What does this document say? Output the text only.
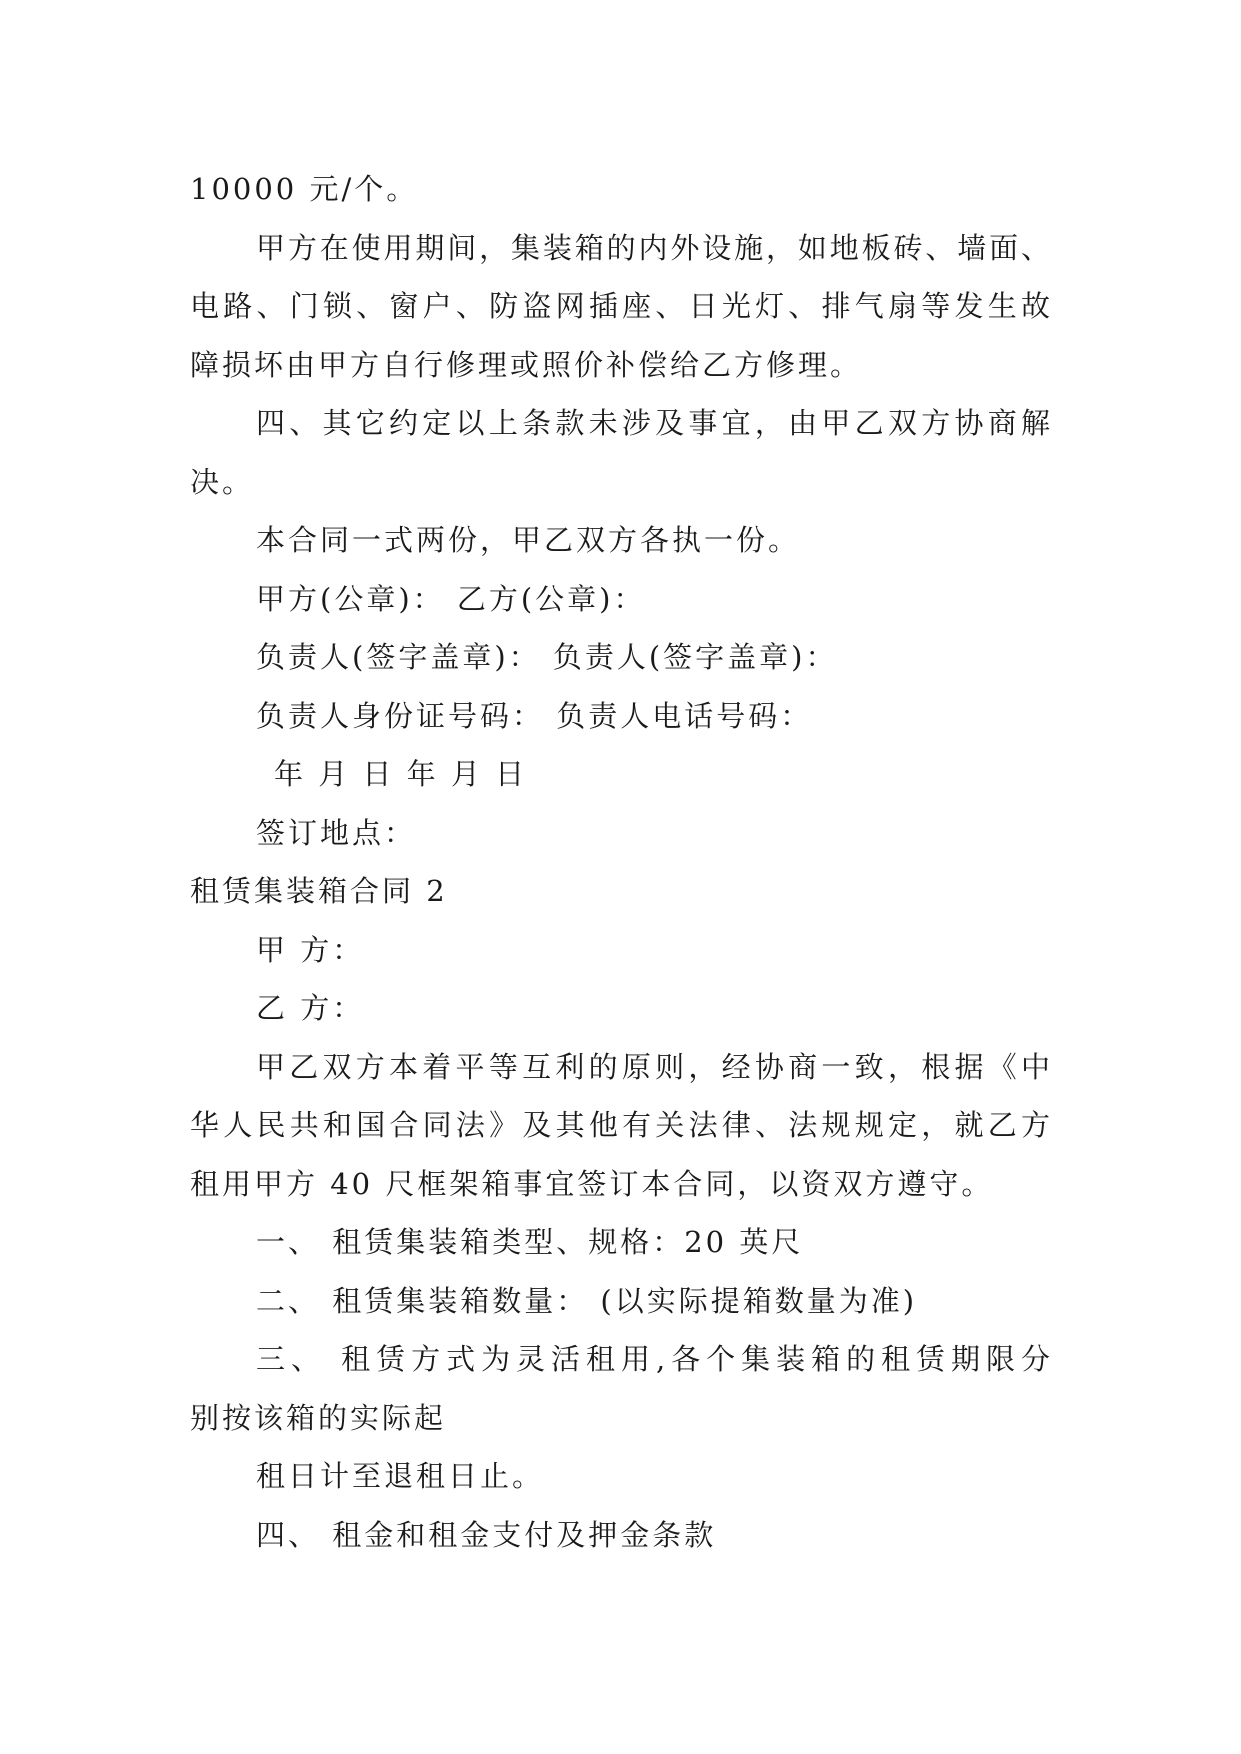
10000 元/个。
甲方在使用期间，集装箱的内外设施，如地板砖、墙面、
电路、门锁、窗户、防盗网插座、日光灯、排气扇等发生故
障损坏由甲方自行修理或照价补偿给乙方修理。
四、其它约定以上条款未涉及事宜，由甲乙双方协商解
决。
本合同一式两份，甲乙双方各执一份。
甲方(公章)： 乙方(公章)：
负责人(签字盖章)： 负责人(签字盖章)：
负责人身份证号码： 负责人电话号码：
年 月 日 年 月 日
签订地点：
租赁集装箱合同 2
甲 方：
乙 方：
甲乙双方本着平等互利的原则，经协商一致，根据《中
华人民共和国合同法》及其他有关法律、法规规定，就乙方
租用甲方 40 尺框架箱事宜签订本合同，以资双方遵守。
一、 租赁集装箱类型、规格：20 英尺
二、 租赁集装箱数量： (以实际提箱数量为准)
三、 租赁方式为灵活租用,各个集装箱的租赁期限分
别按该箱的实际起
租日计至退租日止。
四、 租金和租金支付及押金条款
